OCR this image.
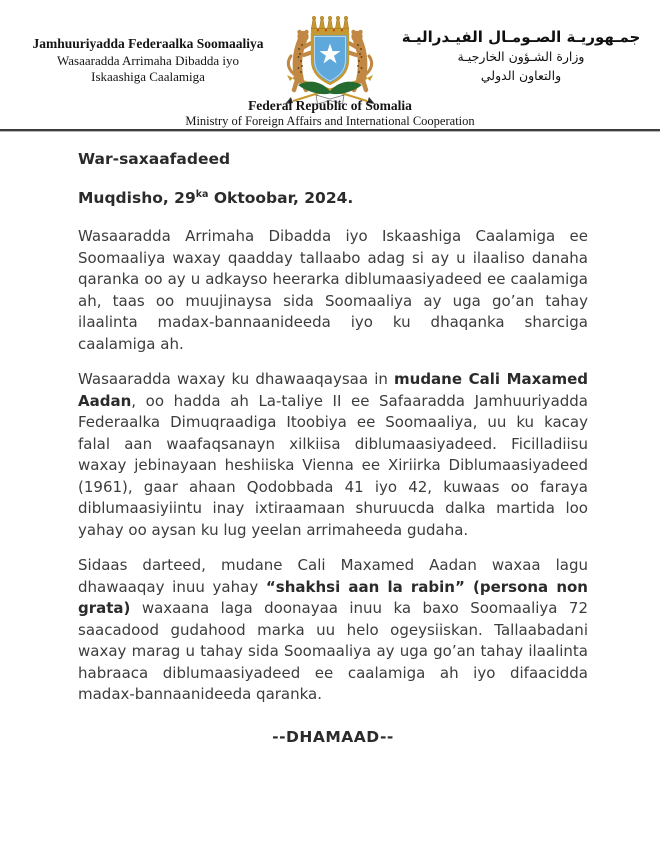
Jamhuuriyadda Federaalka Soomaaliya
Wasaaradda Arrimaha Dibadda iyo
Iskaashiga Caalamiga
جمـهوريـة الصـومـال الفيـدراليـة
وزارة الشـؤون الخارجيـة
والتعاون الدولي
Federal Republic of Somalia
Ministry of Foreign Affairs and International Cooperation

War-saxaafadeed

Muqdisho, $29^{ka}$ Oktoobar, 2024.

Wasaaradda Arrimaha Dibadda iyo Iskaashiga Caalamiga ee Soomaaliya waxay qaadday tallaabo adag si ay u ilaaliso danaha qaranka oo ay u adkayso heerarka diblumaasiyadeed ee caalamiga ah, taas oo muujinaysa sida Soomaaliya ay uga go’an tahay ilaalinta madax-bannaanideeda iyo ku dhaqanka sharciga caalamiga ah.

Wasaaradda waxay ku dhawaaqaysaa in mudane Cali Maxamed Aadan, oo hadda ah La-taliye II ee Safaaradda Jamhuuriyadda Federaalka Dimuqraadiga Itoobiya ee Soomaaliya, uu ku kacay falal aan waafaqsanayn xilkiisa diblumaasiyadeed. Ficilladiisu waxay jebinayaan heshiiska Vienna ee Xiriirka Diblumaasiyadeed (1961), gaar ahaan Qodobbada 41 iyo 42, kuwaas oo faraya diblumaasiyiintu inay ixtiraamaan shuruucda dalka martida loo yahay oo aysan ku lug yeelan arrimaheeda gudaha.

Sidaas darteed, mudane Cali Maxamed Aadan waxaa lagu dhawaaqay inuu yahay “shakhsi aan la rabin” (persona non grata) waxaana laga doonayaa inuu ka baxo Soomaaliya 72 saacadood gudahood marka uu helo ogeysiiskan. Tallaabadani waxay marag u tahay sida Soomaaliya ay uga go’an tahay ilaalinta habraaca diblumaasiyadeed ee caalamiga ah iyo difaacidda madax-bannaanideeda qaranka.

--DHAMAAD--
